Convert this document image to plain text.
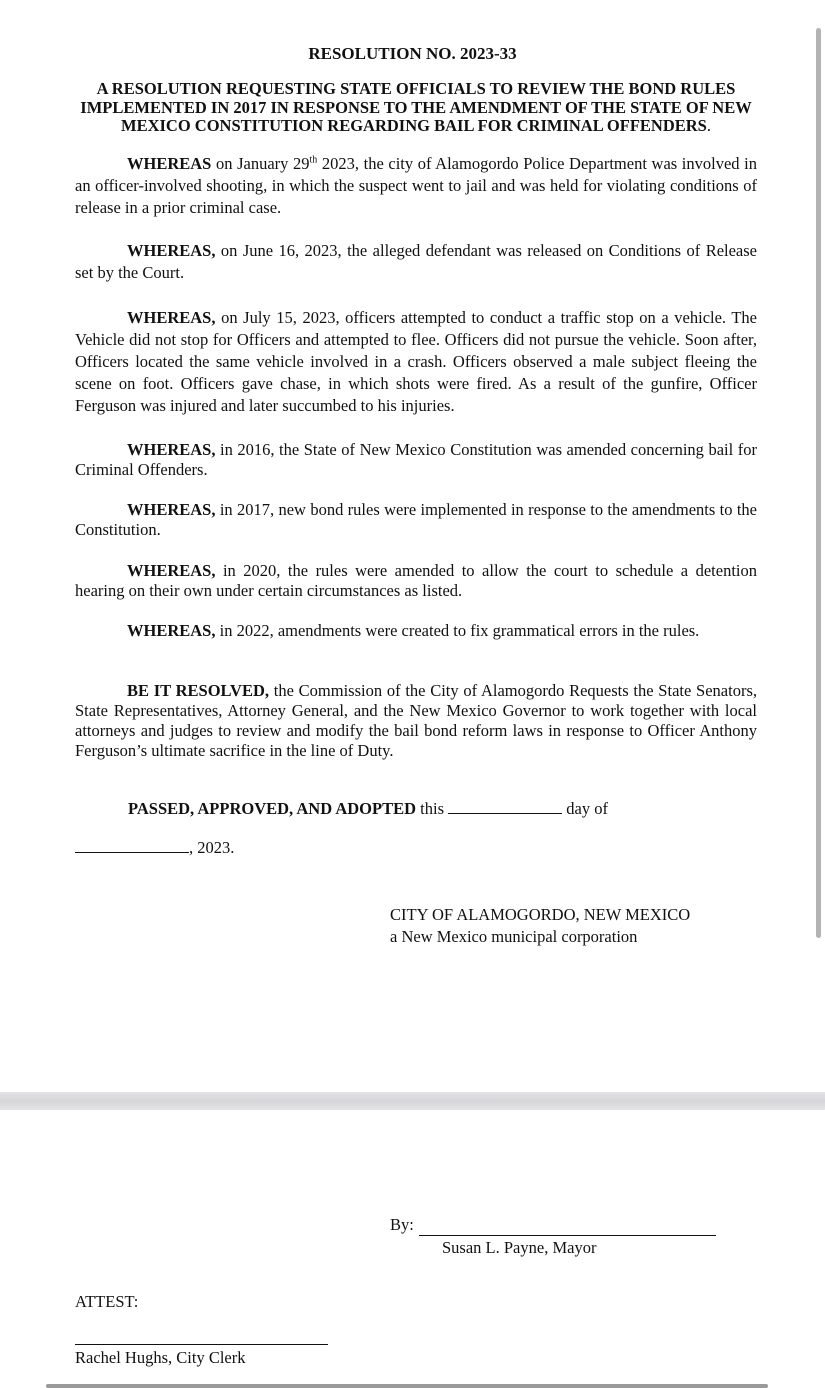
RESOLUTION NO. 2023-33
A RESOLUTION REQUESTING STATE OFFICIALS TO REVIEW THE BOND RULES IMPLEMENTED IN 2017 IN RESPONSE TO THE AMENDMENT OF THE STATE OF NEW MEXICO CONSTITUTION REGARDING BAIL FOR CRIMINAL OFFENDERS.
WHEREAS on January 29th 2023, the city of Alamogordo Police Department was involved in an officer-involved shooting, in which the suspect went to jail and was held for violating conditions of release in a prior criminal case.
WHEREAS, on June 16, 2023, the alleged defendant was released on Conditions of Release set by the Court.
WHEREAS, on July 15, 2023, officers attempted to conduct a traffic stop on a vehicle. The Vehicle did not stop for Officers and attempted to flee. Officers did not pursue the vehicle. Soon after, Officers located the same vehicle involved in a crash. Officers observed a male subject fleeing the scene on foot. Officers gave chase, in which shots were fired. As a result of the gunfire, Officer Ferguson was injured and later succumbed to his injuries.
WHEREAS, in 2016, the State of New Mexico Constitution was amended concerning bail for Criminal Offenders.
WHEREAS, in 2017, new bond rules were implemented in response to the amendments to the Constitution.
WHEREAS, in 2020, the rules were amended to allow the court to schedule a detention hearing on their own under certain circumstances as listed.
WHEREAS, in 2022, amendments were created to fix grammatical errors in the rules.
BE IT RESOLVED, the Commission of the City of Alamogordo Requests the State Senators, State Representatives, Attorney General, and the New Mexico Governor to work together with local attorneys and judges to review and modify the bail bond reform laws in response to Officer Anthony Ferguson’s ultimate sacrifice in the line of Duty.
PASSED, APPROVED, AND ADOPTED this	day of
, 2023.
CITY OF ALAMOGORDO, NEW MEXICO
a New Mexico municipal corporation
By:
Susan L. Payne, Mayor
ATTEST:
Rachel Hughs, City Clerk
